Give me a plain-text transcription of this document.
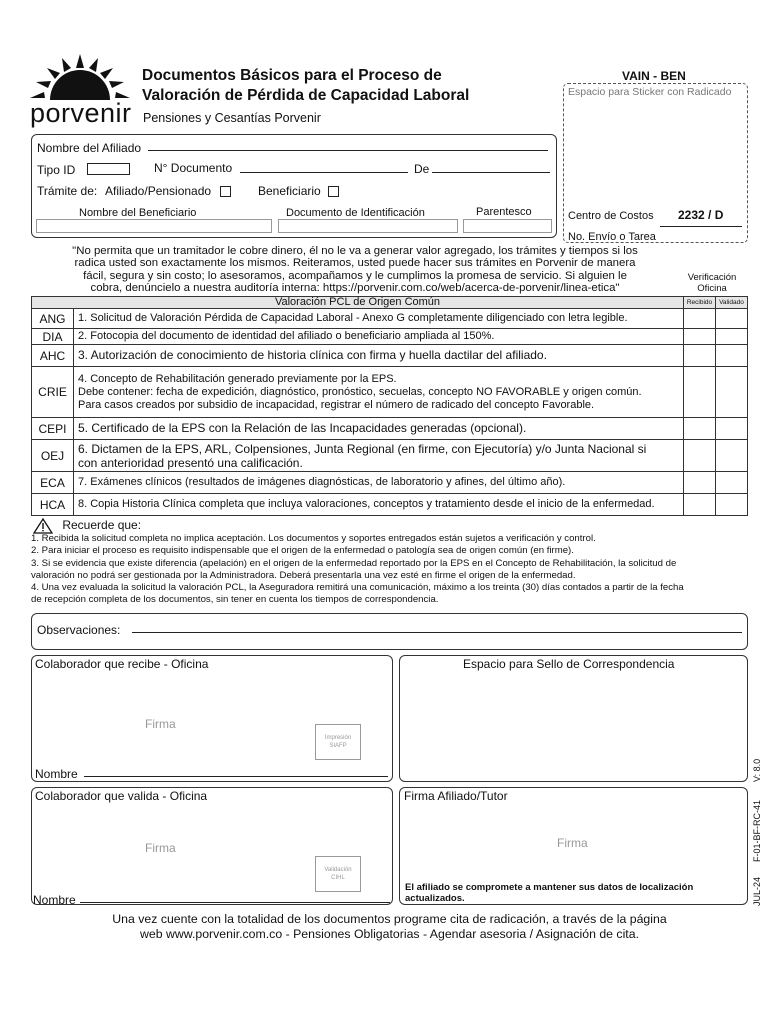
porvenir
Documentos Básicos para el Proceso de
Valoración de Pérdida de Capacidad Laboral
Pensiones y Cesantías Porvenir
VAIN - BEN
Espacio para Sticker con Radicado
Centro de Costos 2232 / D
No. Envío o Tarea
Nombre del Afiliado
Tipo ID	N° Documento	De
Trámite de: Afiliado/Pensionado	Beneficiario
Nombre del Beneficiario	Documento de Identificación	Parentesco
"No permita que un tramitador le cobre dinero, él no le va a generar valor agregado, los trámites y tiempos si los
radica usted son exactamente los mismos. Reiteramos, usted puede hacer sus trámites en Porvenir de manera
fácil, segura y sin costo; lo asesoramos, acompañamos y le cumplimos la promesa de servicio. Si alguien le
cobra, denúncielo a nuestra auditoría interna: https://porvenir.com.co/web/acerca-de-porvenir/linea-etica"
Verificación
Oficina
Valoración PCL de Origen Común		Recibido	Validado
ANG	1. Solicitud de Valoración Pérdida de Capacidad Laboral - Anexo G completamente diligenciado con letra legible.		

DIA	2. Fotocopia del documento de identidad del afiliado o beneficiario ampliada al 150%.		

AHC	3. Autorización de conocimiento de historia clínica con firma y huella dactilar del afiliado.		

CRIE	4. Concepto de Rehabilitación generado previamente por la EPS.
Debe contener: fecha de expedición, diagnóstico, pronóstico, secuelas, concepto NO FAVORABLE y origen común.
Para casos creados por subsidio de incapacidad, registrar el número de radicado del concepto Favorable.		

CEPI	5. Certificado de la EPS con la Relación de las Incapacidades generadas (opcional).		

OEJ	6. Dictamen de la EPS, ARL, Colpensiones, Junta Regional (en firme, con Ejecutoría) y/o Junta Nacional si
con anterioridad presentó una calificación.		

ECA	7. Exámenes clínicos (resultados de imágenes diagnósticas, de laboratorio y afines, del último año).		

HCA	8. Copia Historia Clínica completa que incluya valoraciones, conceptos y tratamiento desde el inicio de la enfermedad.		

Recuerde que:
1. Recibida la solicitud completa no implica aceptación. Los documentos y soportes entregados están sujetos a verificación y control.
2. Para iniciar el proceso es requisito indispensable que el origen de la enfermedad o patología sea de origen común (en firme).
3. Si se evidencia que existe diferencia (apelación) en el origen de la enfermedad reportado por la EPS en el Concepto de Rehabilitación, la solicitud de
valoración no podrá ser gestionada por la Administradora. Deberá presentarla una vez esté en firme el origen de la enfermedad.
4. Una vez evaluada la solicitud la valoración PCL, la Aseguradora remitirá una comunicación, máximo a los treinta (30) días contados a partir de la fecha
de recepción completa de los documentos, sin tener en cuenta los tiempos de correspondencia.
Observaciones:
Colaborador que recibe - Oficina
Firma
Impresión
SIAFP
Nombre
Espacio para Sello de Correspondencia
Colaborador que valida - Oficina
Firma
Validación
CIHL
Nombre
Firma Afiliado/Tutor
Firma
El afiliado se compromete a mantener sus datos de localización
actualizados.
V: 8.0
F-01-BF-RC-41
JUL-24
Una vez cuente con la totalidad de los documentos programe cita de radicación, a través de la página
web www.porvenir.com.co - Pensiones Obligatorias - Agendar asesoria / Asignación de cita.
